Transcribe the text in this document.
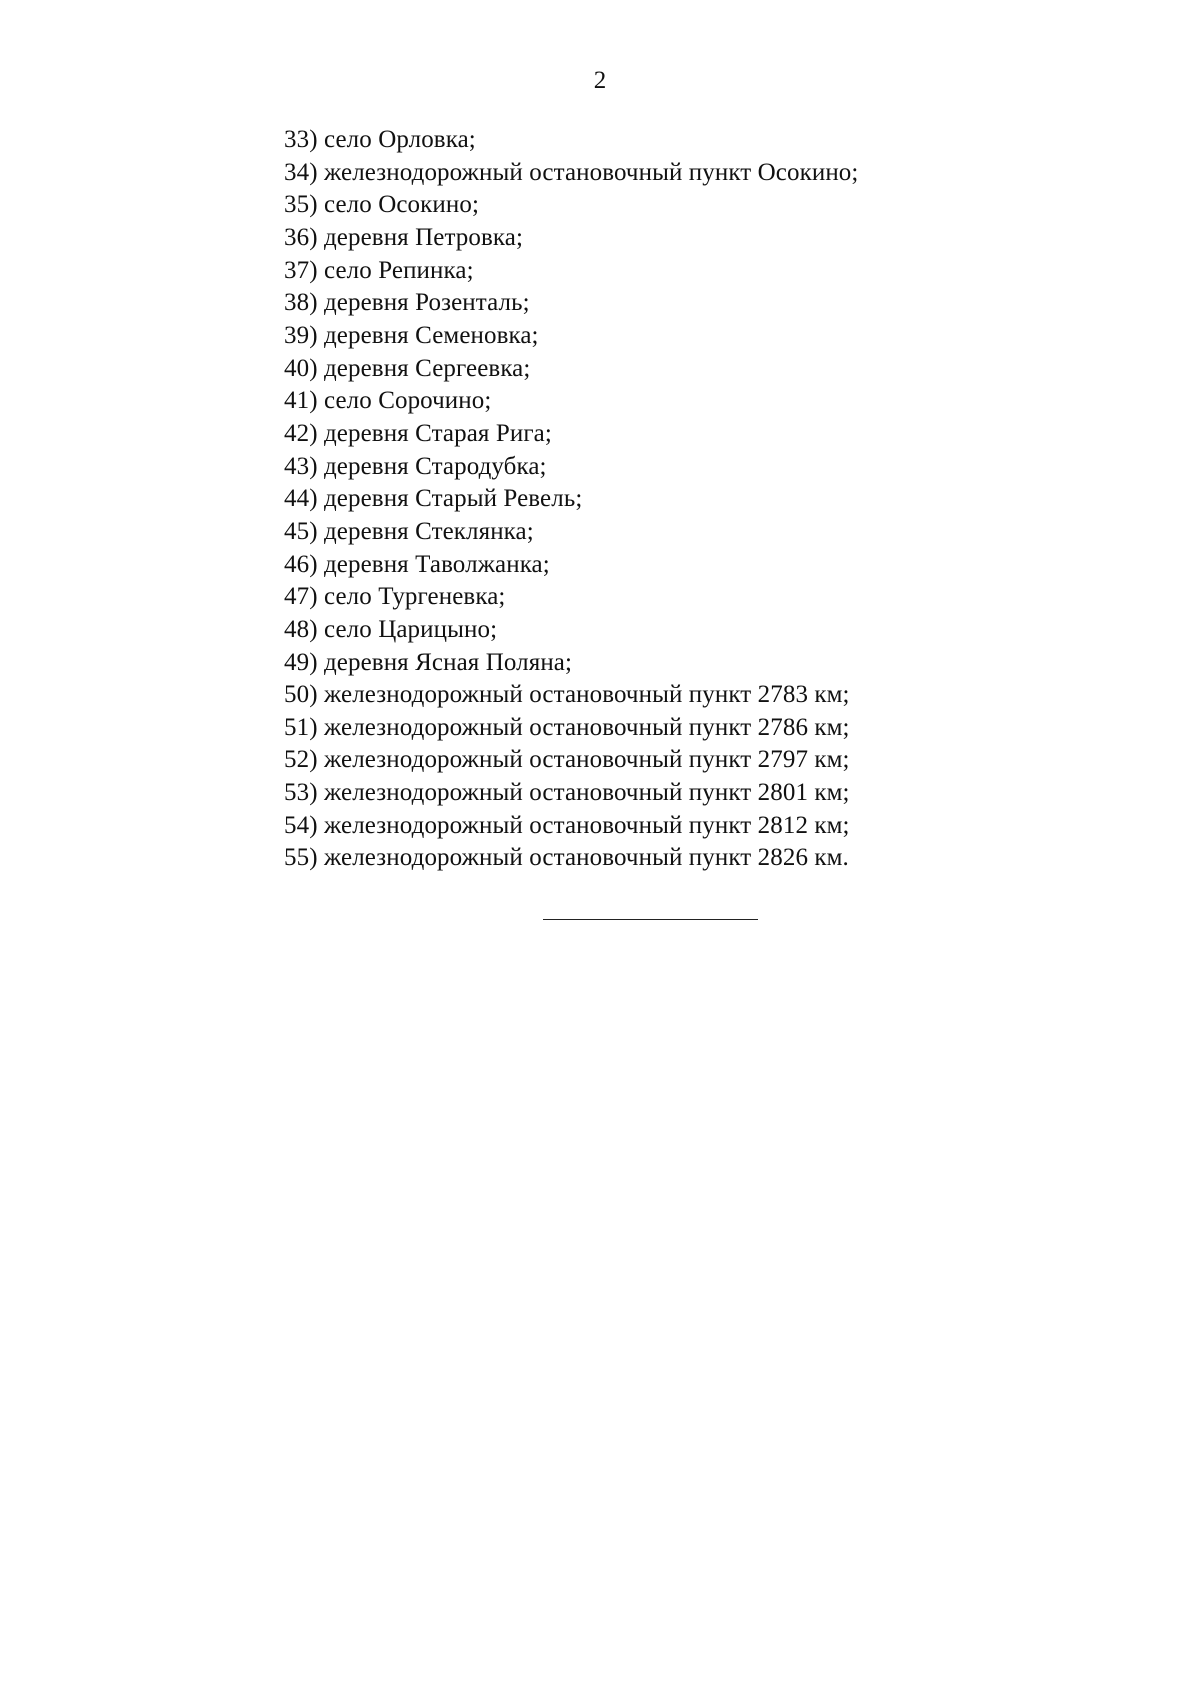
2
33) село Орловка;
34) железнодорожный остановочный пункт Осокино;
35) село Осокино;
36) деревня Петровка;
37) село Репинка;
38) деревня Розенталь;
39) деревня Семеновка;
40) деревня Сергеевка;
41) село Сорочино;
42) деревня Старая Рига;
43) деревня Стародубка;
44) деревня Старый Ревель;
45) деревня Стеклянка;
46) деревня Таволжанка;
47) село Тургеневка;
48) село Царицыно;
49) деревня Ясная Поляна;
50) железнодорожный остановочный пункт 2783 км;
51) железнодорожный остановочный пункт 2786 км;
52) железнодорожный остановочный пункт 2797 км;
53) железнодорожный остановочный пункт 2801 км;
54) железнодорожный остановочный пункт 2812 км;
55) железнодорожный остановочный пункт 2826 км.
